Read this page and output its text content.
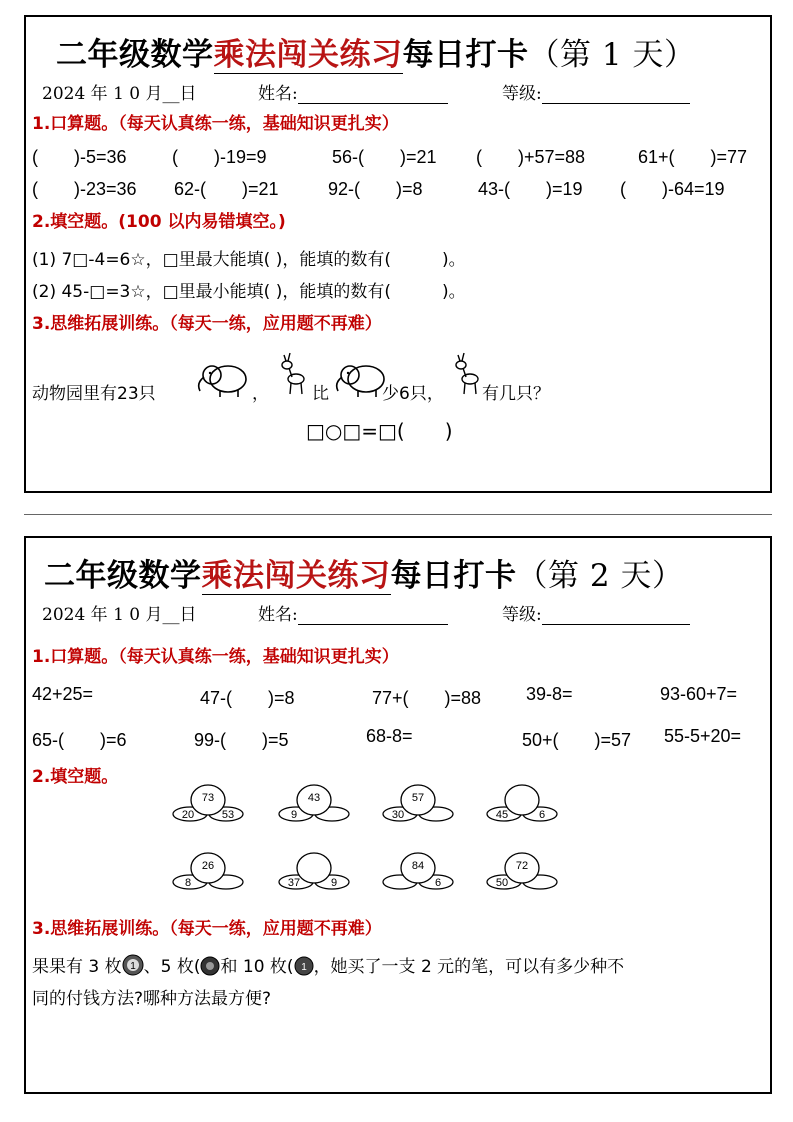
二年级数学乘法闯关练习每日打卡（第 1 天）
2024 年 1 0 月__日	姓名:	等级:
1.口算题。（每天认真练一练，基础知识更扎实）
(　　)-5=36	(　　)-19=9	56-(　　)=21 (　　)+57=88	61+(　　)=77
(　　)-23=36 62-(　　)=21	92-(　　)=8	43-(　　)=19 (　　)-64=19
2.填空题。(100 以内易错填空。)
(1) 7□-4=6☆，□里最大能填( )，能填的数有(　　　)。
(2) 45-□=3☆，□里最小能填( )，能填的数有(　　　)。
3.思维拓展训练。（每天一练，应用题不再难）
动物园里有23只	，	比	少6只， 有几只？
□○□=□(　　)
二年级数学乘法闯关练习每日打卡（第 2 天）
2024 年 1 0 月__日	姓名:	等级:
1.口算题。（每天认真练一练，基础知识更扎实）
42+25=	47-(　　)=8	77+(　　)=88 39-8=	93-60+7=
65-(　　)=6	99-(　　)=5	68-8=	50+(　　)=57 55-5+20=
2.填空题。
73
20	53
43
9
57
30	45	6
26
8	37	9
84
6
72
50
3.思维拓展训练。（每天一练，应用题不再难）
果果有 3 枚 1 、5 枚( 和 10 枚( 1 ，她买了一支 2 元的笔，可以有多少种不
同的付钱方法?哪种方法最方便?
